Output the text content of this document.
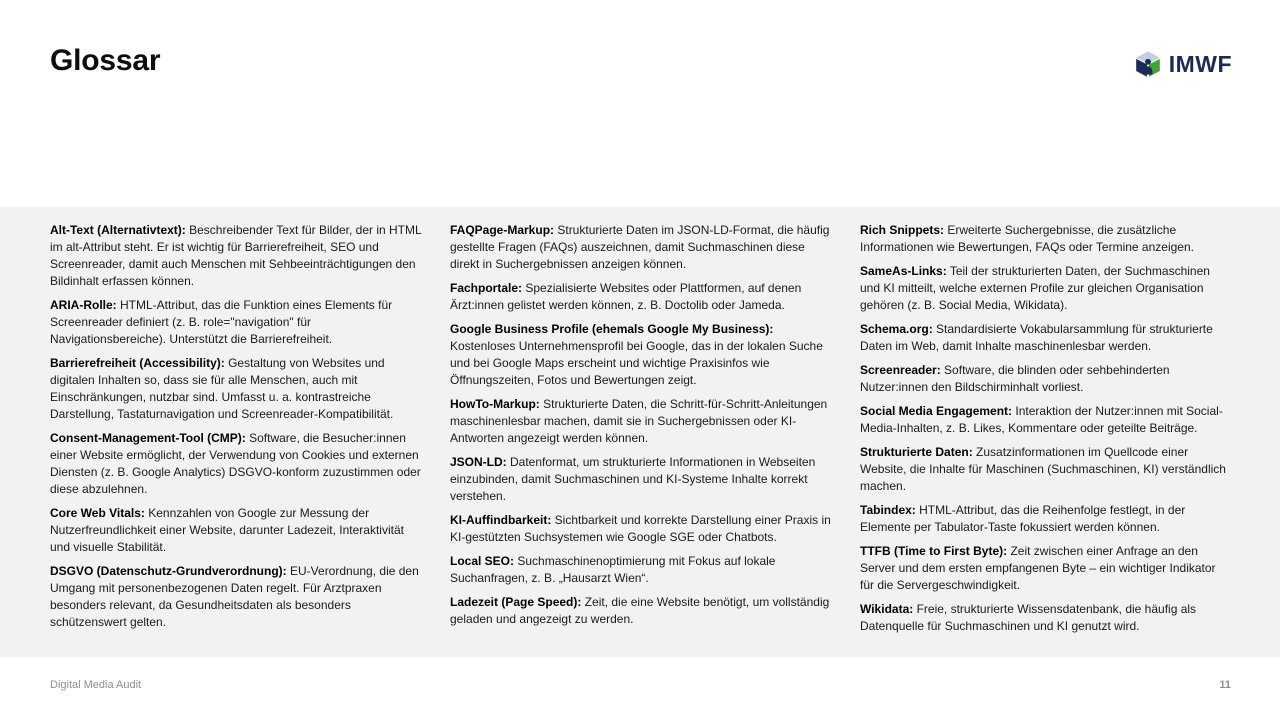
Glossar	IMWF

Alt-Text (Alternativtext): Beschreibender Text für Bilder, der in HTML im alt-Attribut steht. Er ist wichtig für Barrierefreiheit, SEO und Screenreader, damit auch Menschen mit Sehbeeinträchtigungen den Bildinhalt erfassen können.

ARIA-Rolle: HTML-Attribut, das die Funktion eines Elements für Screenreader definiert (z. B. role="navigation" für Navigationsbereiche). Unterstützt die Barrierefreiheit.

Barrierefreiheit (Accessibility): Gestaltung von Websites und digitalen Inhalten so, dass sie für alle Menschen, auch mit Einschränkungen, nutzbar sind. Umfasst u. a. kontrastreiche Darstellung, Tastaturnavigation und Screenreader-Kompatibilität.

Consent-Management-Tool (CMP): Software, die Besucher:innen einer Website ermöglicht, der Verwendung von Cookies und externen Diensten (z. B. Google Analytics) DSGVO-konform zuzustimmen oder diese abzulehnen.

Core Web Vitals: Kennzahlen von Google zur Messung der Nutzerfreundlichkeit einer Website, darunter Ladezeit, Interaktivität und visuelle Stabilität.

DSGVO (Datenschutz-Grundverordnung): EU-Verordnung, die den Umgang mit personenbezogenen Daten regelt. Für Arztpraxen besonders relevant, da Gesundheitsdaten als besonders schützenswert gelten.

FAQPage-Markup: Strukturierte Daten im JSON-LD-Format, die häufig gestellte Fragen (FAQs) auszeichnen, damit Suchmaschinen diese direkt in Suchergebnissen anzeigen können.

Fachportale: Spezialisierte Websites oder Plattformen, auf denen Ärzt:innen gelistet werden können, z. B. Doctolib oder Jameda.

Google Business Profile (ehemals Google My Business): Kostenloses Unternehmensprofil bei Google, das in der lokalen Suche und bei Google Maps erscheint und wichtige Praxisinfos wie Öffnungszeiten, Fotos und Bewertungen zeigt.

HowTo-Markup: Strukturierte Daten, die Schritt-für-Schritt-Anleitungen maschinenlesbar machen, damit sie in Suchergebnissen oder KI-Antworten angezeigt werden können.

JSON-LD: Datenformat, um strukturierte Informationen in Webseiten einzubinden, damit Suchmaschinen und KI-Systeme Inhalte korrekt verstehen.

KI-Auffindbarkeit: Sichtbarkeit und korrekte Darstellung einer Praxis in KI-gestützten Suchsystemen wie Google SGE oder Chatbots.

Local SEO: Suchmaschinenoptimierung mit Fokus auf lokale Suchanfragen, z. B. „Hausarzt Wien“.

Ladezeit (Page Speed): Zeit, die eine Website benötigt, um vollständig geladen und angezeigt zu werden.

Rich Snippets: Erweiterte Suchergebnisse, die zusätzliche Informationen wie Bewertungen, FAQs oder Termine anzeigen.

SameAs-Links: Teil der strukturierten Daten, der Suchmaschinen und KI mitteilt, welche externen Profile zur gleichen Organisation gehören (z. B. Social Media, Wikidata).

Schema.org: Standardisierte Vokabularsammlung für strukturierte Daten im Web, damit Inhalte maschinenlesbar werden.

Screenreader: Software, die blinden oder sehbehinderten Nutzer:innen den Bildschirminhalt vorliest.

Social Media Engagement: Interaktion der Nutzer:innen mit Social-Media-Inhalten, z. B. Likes, Kommentare oder geteilte Beiträge.

Strukturierte Daten: Zusatzinformationen im Quellcode einer Website, die Inhalte für Maschinen (Suchmaschinen, KI) verständlich machen.

Tabindex: HTML-Attribut, das die Reihenfolge festlegt, in der Elemente per Tabulator-Taste fokussiert werden können.

TTFB (Time to First Byte): Zeit zwischen einer Anfrage an den Server und dem ersten empfangenen Byte – ein wichtiger Indikator für die Servergeschwindigkeit.

Wikidata: Freie, strukturierte Wissensdatenbank, die häufig als Datenquelle für Suchmaschinen und KI genutzt wird.

Digital Media Audit	11
